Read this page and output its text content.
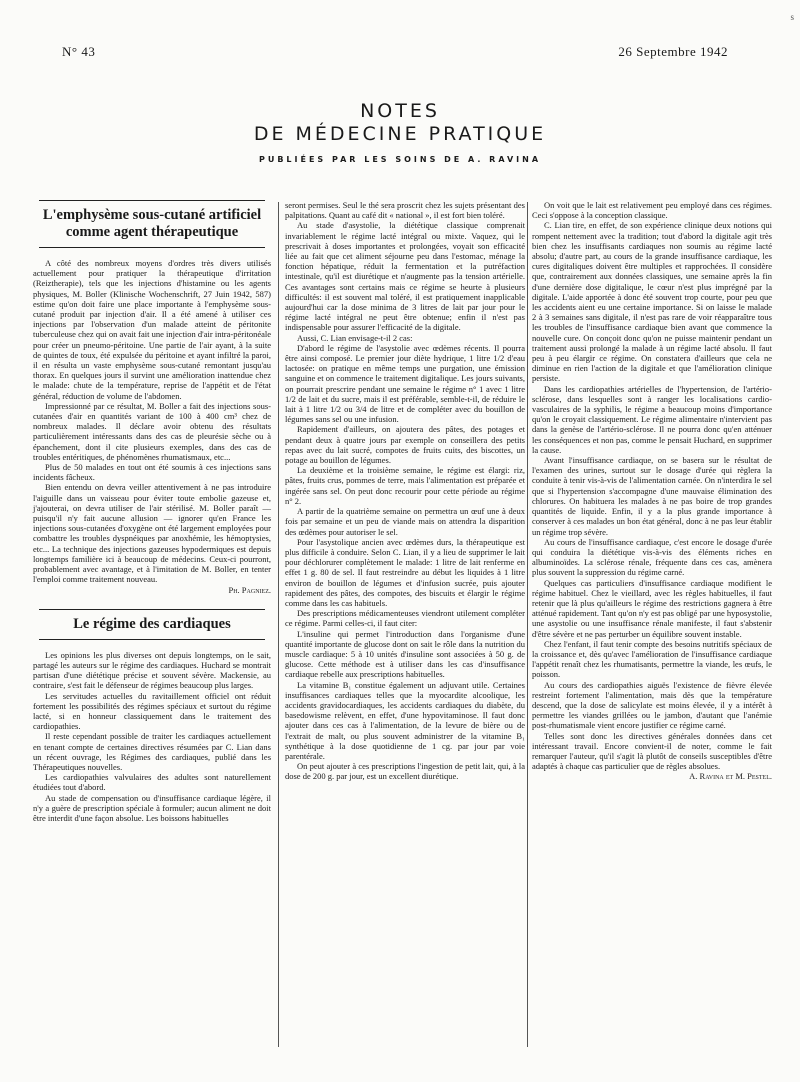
s
N° 43	26 Septembre 1942
NOTES
DE MÉDECINE PRATIQUE
PUBLIÉES PAR LES SOINS DE A. RAVINA
L'emphysème sous-cutané artificiel
comme agent thérapeutique

A côté des nombreux moyens d'ordres très divers utilisés actuellement pour pratiquer la thérapeutique d'irritation (Reiztherapie), tels que les injections d'histamine ou les agents physiques, M. Boller (Klinische Wochenschrift, 27 Juin 1942, 587) estime qu'on doit faire une place importante à l'emphysème sous-cutané produit par injection d'air. Il a été amené à utiliser ces injections par l'observation d'un malade atteint de péritonite tuberculeuse chez qui on avait fait une injection d'air intra-péritonéale pour créer un pneumo-péritoine. Une partie de l'air ayant, à la suite de quintes de toux, été expulsée du péritoine et ayant infiltré la paroi, il en résulta un vaste emphysème sous-cutané remontant jusqu'au thorax. En quelques jours il survint une amélioration inattendue chez le malade: chute de la température, reprise de l'appétit et de l'état général, réduction de volume de l'abdomen.

Impressionné par ce résultat, M. Boller a fait des injections sous-cutanées d'air en quantités variant de 100 à 400 cm³ chez de nombreux malades. Il déclare avoir obtenu des résultats particulièrement intéressants dans des cas de pleurésie sèche ou à épanchement, dont il cite plusieurs exemples, dans des cas de troubles entéritiques, de phénomènes rhumatismaux, etc...

Plus de 50 malades en tout ont été soumis à ces injections sans incidents fâcheux.

Bien entendu on devra veiller attentivement à ne pas introduire l'aiguille dans un vaisseau pour éviter toute embolie gazeuse et, j'ajouterai, on devra utiliser de l'air stérilisé. M. Boller paraît — puisqu'il n'y fait aucune allusion — ignorer qu'en France les injections sous-cutanées d'oxygène ont été largement employées pour combattre les troubles dyspnéiques par anoxhémie, les hémoptysies, etc... La technique des injections gazeuses hypodermiques est depuis longtemps familière ici à beaucoup de médecins. Ceux-ci pourront, probablement avec avantage, et à l'imitation de M. Boller, en tenter l'emploi comme traitement nouveau.

Ph. Pagniez.

Le régime des cardiaques

Les opinions les plus diverses ont depuis longtemps, on le sait, partagé les auteurs sur le régime des cardiaques. Huchard se montrait partisan d'une diététique précise et souvent sévère. Mackensie, au contraire, s'est fait le défenseur de régimes beaucoup plus larges.

Les servitudes actuelles du ravitaillement officiel ont réduit fortement les possibilités des régimes spéciaux et surtout du régime lacté, si en honneur classiquement dans le traitement des cardiopathies.

Il reste cependant possible de traiter les cardiaques actuellement en tenant compte de certaines directives résumées par C. Lian dans un récent ouvrage, les Régimes des cardiaques, publié dans les Thérapeutiques nouvelles.

Les cardiopathies valvulaires des adultes sont naturellement étudiées tout d'abord.

Au stade de compensation ou d'insuffisance cardiaque légère, il n'y a guère de prescription spéciale à formuler; aucun aliment ne doit être interdit d'une façon absolue. Les boissons habituelles

seront permises. Seul le thé sera proscrit chez les sujets présentant des palpitations. Quant au café dit « national », il est fort bien toléré.

Au stade d'asystolie, la diététique classique comprenait invariablement le régime lacté intégral ou mixte. Vaquez, qui le prescrivait à doses importantes et prolongées, voyait son efficacité liée au fait que cet aliment séjourne peu dans l'estomac, ménage la fonction hépatique, réduit la fermentation et la putréfaction intestinale, qu'il est diurétique et n'augmente pas la tension artérielle. Ces avantages sont certains mais ce régime se heurte à plusieurs difficultés: il est souvent mal toléré, il est pratiquement inapplicable aujourd'hui car la dose minima de 3 litres de lait par jour pour le régime lacté intégral ne peut être obtenue; enfin il n'est pas indispensable pour assurer l'efficacité de la digitale.

Aussi, C. Lian envisage-t-il 2 cas:

D'abord le régime de l'asystolie avec œdèmes récents. Il pourra être ainsi composé. Le premier jour diète hydrique, 1 litre 1/2 d'eau lactosée: on pratique en même temps une purgation, une émission sanguine et on commence le traitement digitalique. Les jours suivants, on pourrait prescrire pendant une semaine le régime n° 1 avec 1 litre 1/2 de lait et du sucre, mais il est préférable, semble-t-il, de réduire le lait à 1 litre 1/2 ou 3/4 de litre et de compléter avec du bouillon de légumes sans sel ou une infusion.

Rapidement d'ailleurs, on ajoutera des pâtes, des potages et pendant deux à quatre jours par exemple on conseillera des petits repas avec du lait sucré, compotes de fruits cuits, des biscottes, un potage au bouillon de légumes.

La deuxième et la troisième semaine, le régime est élargi: riz, pâtes, fruits crus, pommes de terre, mais l'alimentation est préparée et ingérée sans sel. On peut donc recourir pour cette période au régime n° 2.

A partir de la quatrième semaine on permettra un œuf une à deux fois par semaine et un peu de viande mais on attendra la disparition des œdèmes pour autoriser le sel.

Pour l'asystolique ancien avec œdèmes durs, la thérapeutique est plus difficile à conduire. Selon C. Lian, il y a lieu de supprimer le lait pour déchlorurer complètement le malade: 1 litre de lait renferme en effet 1 g. 80 de sel. Il faut restreindre au début les liquides à 1 litre environ de bouillon de légumes et d'infusion sucrée, puis ajouter rapidement des pâtes, des compotes, des biscuits et élargir le régime comme dans les cas habituels.

Des prescriptions médicamenteuses viendront utilement compléter ce régime. Parmi celles-ci, il faut citer:

L'insuline qui permet l'introduction dans l'organisme d'une quantité importante de glucose dont on sait le rôle dans la nutrition du muscle cardiaque: 5 à 10 unités d'insuline sont associées à 50 g. de glucose. Cette méthode est à utiliser dans les cas d'insuffisance cardiaque rebelle aux prescriptions habituelles.

La vitamine B₁ constitue également un adjuvant utile. Certaines insuffisances cardiaques telles que la myocardite alcoolique, les accidents gravidocardiaques, les accidents cardiaques du diabète, du basedowisme relèvent, en effet, d'une hypovitaminose. Il faut donc ajouter dans ces cas à l'alimentation, de la levure de bière ou de l'extrait de malt, ou plus souvent administrer de la vitamine B₁ synthétique à la dose quotidienne de 1 cg. par jour par voie parentérale.

On peut ajouter à ces prescriptions l'ingestion de petit lait, qui, à la dose de 200 g. par jour, est un excellent diurétique.

On voit que le lait est relativement peu employé dans ces régimes. Ceci s'oppose à la conception classique.

C. Lian tire, en effet, de son expérience clinique deux notions qui rompent nettement avec la tradition; tout d'abord la digitale agit très bien chez les insuffisants cardiaques non soumis au régime lacté absolu; d'autre part, au cours de la grande insuffisance cardiaque, les cures digitaliques doivent être multiples et rapprochées. Il considère que, contrairement aux données classiques, une semaine après la fin d'une dernière dose digitalique, le cœur n'est plus imprégné par la digitale. L'aide apportée à donc été souvent trop courte, pour peu que les accidents aient eu une certaine importance. Si on laisse le malade 2 à 3 semaines sans digitale, il n'est pas rare de voir réapparaître tous les troubles de l'insuffisance cardiaque bien avant que commence la nouvelle cure. On conçoit donc qu'on ne puisse maintenir pendant un traitement aussi prolongé la malade à un régime lacté absolu. Il faut peu à peu élargir ce régime. On constatera d'ailleurs que cela ne diminue en rien l'action de la digitale et que l'amélioration clinique persiste.

Dans les cardiopathies artérielles de l'hypertension, de l'artério-sclérose, dans lesquelles sont à ranger les localisations cardio-vasculaires de la syphilis, le régime a beaucoup moins d'importance qu'on le croyait classiquement. Le régime alimentaire n'intervient pas dans la genèse de l'artério-sclérose. Il ne pourra donc qu'en atténuer les conséquences et non pas, comme le pensait Huchard, en supprimer la cause.

Avant l'insuffisance cardiaque, on se basera sur le résultat de l'examen des urines, surtout sur le dosage d'urée qui règlera la conduite à tenir vis-à-vis de l'alimentation carnée. On n'interdira le sel que si l'hypertension s'accompagne d'une mauvaise élimination des chlorures. On habituera les malades à ne pas boire de trop grandes quantités de liquide. Enfin, il y a la plus grande importance à conserver à ces malades un bon état général, donc à ne pas leur établir un régime trop sévère.

Au cours de l'insuffisance cardiaque, c'est encore le dosage d'urée qui conduira la diététique vis-à-vis des éléments riches en albuminoïdes. La sclérose rénale, fréquente dans ces cas, amènera plus souvent la suppression du régime carné.

Quelques cas particuliers d'insuffisance cardiaque modifient le régime habituel. Chez le vieillard, avec les règles habituelles, il faut retenir que là plus qu'ailleurs le régime des restrictions gagnera à être atténué rapidement. Tant qu'on n'y est pas obligé par une hyposystolie, une asystolie ou une insuffisance rénale manifeste, il faut s'abstenir d'être sévère et ne pas perturber un équilibre souvent instable.

Chez l'enfant, il faut tenir compte des besoins nutritifs spéciaux de la croissance et, dès qu'avec l'amélioration de l'insuffisance cardiaque l'appétit renaît chez les rhumatisants, permettre la viande, les œufs, le poisson.

Au cours des cardiopathies aiguës l'existence de fièvre élevée restreint fortement l'alimentation, mais dès que la température descend, que la dose de salicylate est moins élevée, il y a intérêt à permettre les viandes grillées ou le jambon, d'autant que l'anémie post-rhumatismale vient encore justifier ce régime carné.

Telles sont donc les directives générales données dans cet intéressant travail. Encore convient-il de noter, comme le fait remarquer l'auteur, qu'il s'agit là plutôt de conseils susceptibles d'être adaptés à chaque cas particulier que de règles absolues.

A. Ravina et M. Pestel.
